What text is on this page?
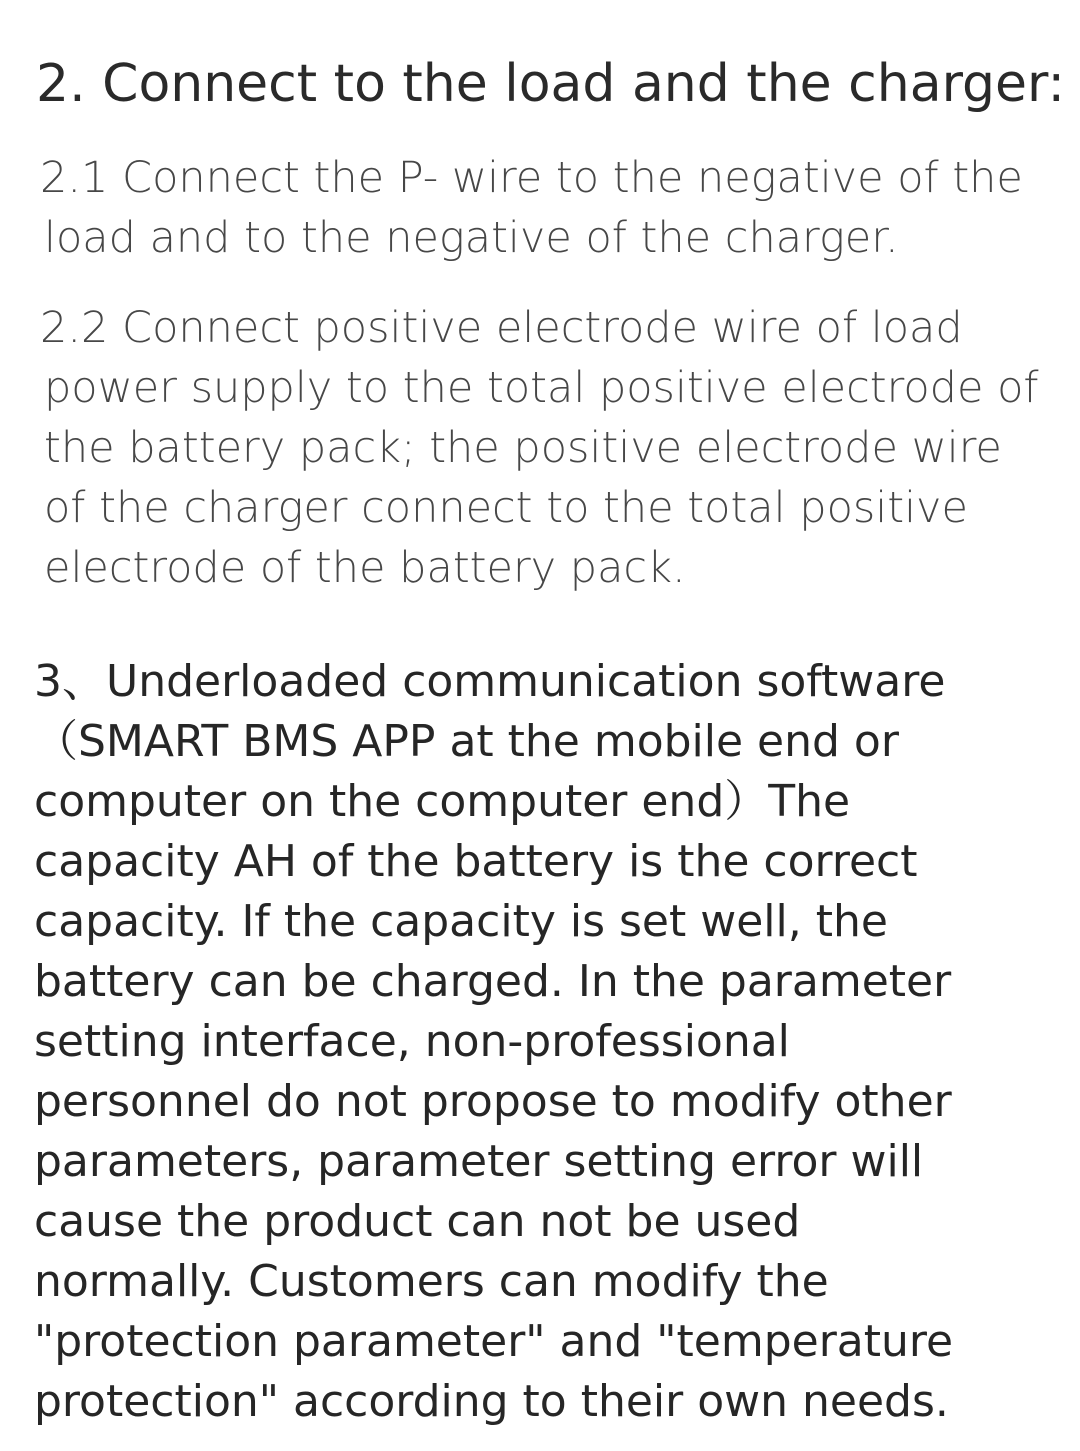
2. Connect to the load and the charger:

2.1 Connect the P- wire to the negative of the
load and to the negative of the charger.

2.2 Connect positive electrode wire of load
power supply to the total positive electrode of
the battery pack; the positive electrode wire
of the charger connect to the total positive
electrode of the battery pack.

3、Underloaded communication software
（SMART BMS APP at the mobile end or
computer on the computer end）The
capacity AH of the battery is the correct
capacity. If the capacity is set well, the
battery can be charged. In the parameter
setting interface, non-professional
personnel do not propose to modify other
parameters, parameter setting error will
cause the product can not be used
normally. Customers can modify the
"protection parameter" and "temperature
protection" according to their own needs.
